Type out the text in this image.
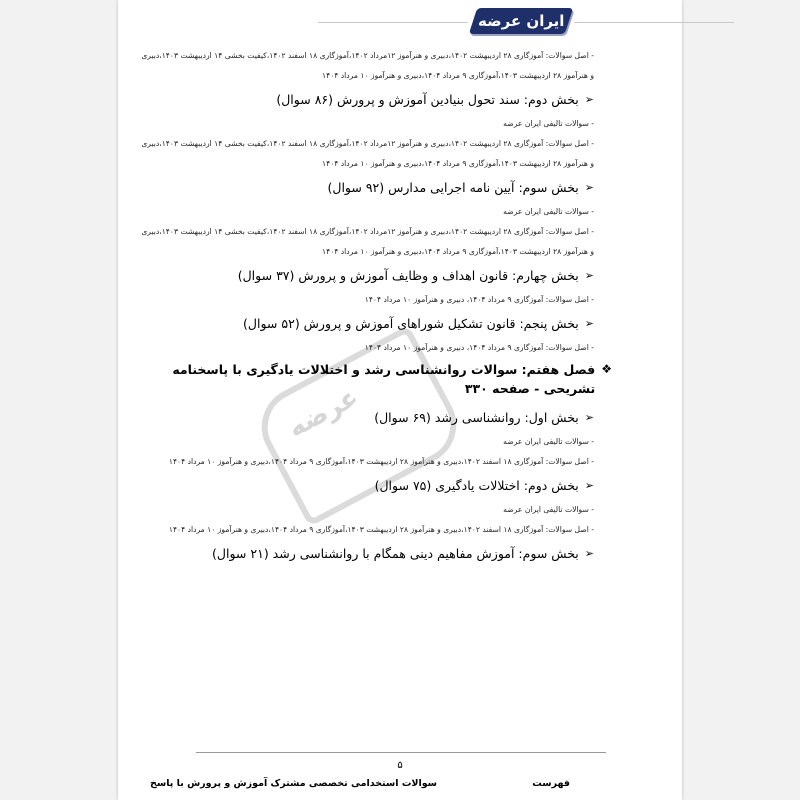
ایران عرضه
عرضه
- اصل سوالات: آموزگاری ۲۸ اردیبهشت ۱۴۰۲،دبیری و هنرآموز ۱۲مرداد ۱۴۰۲،آموزگاری ۱۸ اسفند ۱۴۰۲،کیفیت بخشی ۱۴ اردیبهشت ۱۴۰۳،دبیری
و هنرآموز ۲۸ اردیبهشت ۱۴۰۳،آموزگاری ۹ مرداد ۱۴۰۴،دبیری و هنرآموز ۱۰ مرداد ۱۴۰۴
➢
بخش دوم: سند تحول بنیادین آموزش و پرورش (۸۶ سوال)
- سوالات تالیفی ایران عرضه
- اصل سوالات: آموزگاری ۲۸ اردیبهشت ۱۴۰۲،دبیری و هنرآموز ۱۲مرداد ۱۴۰۲،آموزگاری ۱۸ اسفند ۱۴۰۲،کیفیت بخشی ۱۴ اردیبهشت ۱۴۰۳،دبیری
و هنرآموز ۲۸ اردیبهشت ۱۴۰۳،آموزگاری ۹ مرداد ۱۴۰۴،دبیری و هنرآموز ۱۰ مرداد ۱۴۰۴
➢
بخش سوم: آیین نامه اجرایی مدارس (۹۲ سوال)
- سوالات تالیفی ایران عرضه
- اصل سوالات: آموزگاری ۲۸ اردیبهشت ۱۴۰۲،دبیری و هنرآموز ۱۲مرداد ۱۴۰۲،آموزگاری ۱۸ اسفند ۱۴۰۲،کیفیت بخشی ۱۴ اردیبهشت ۱۴۰۳،دبیری
و هنرآموز ۲۸ اردیبهشت ۱۴۰۳،آموزگاری ۹ مرداد ۱۴۰۴،دبیری و هنرآموز ۱۰ مرداد ۱۴۰۴
➢
بخش چهارم: قانون اهداف و وظایف آموزش و پرورش (۳۷ سوال)
- اصل سوالات: آموزگاری ۹ مرداد ۱۴۰۴، دبیری و هنرآموز ۱۰ مرداد ۱۴۰۴
➢
بخش پنجم: قانون تشکیل شوراهای آموزش و پرورش (۵۲ سوال)
- اصل سوالات: آموزگاری ۹ مرداد ۱۴۰۴، دبیری و هنرآموز ۱۰ مرداد ۱۴۰۴
❖
فصل هفتم: سوالات روانشناسی رشد و اختلالات یادگیری با پاسخنامه تشریحی - صفحه ۳۳۰
➢
بخش اول: روانشناسی رشد (۶۹ سوال)
- سوالات تالیفی ایران عرضه
- اصل سوالات: آموزگاری ۱۸ اسفند ۱۴۰۲،دبیری و هنرآموز ۲۸ اردیبهشت ۱۴۰۳،آموزگاری ۹ مرداد ۱۴۰۴،دبیری و هنرآموز ۱۰ مرداد ۱۴۰۴
➢
بخش دوم: اختلالات یادگیری (۷۵ سوال)
- سوالات تالیفی ایران عرضه
- اصل سوالات: آموزگاری ۱۸ اسفند ۱۴۰۲،دبیری و هنرآموز ۲۸ اردیبهشت ۱۴۰۳،آموزگاری ۹ مرداد ۱۴۰۴،دبیری و هنرآموز ۱۰ مرداد ۱۴۰۴
➢
بخش سوم: آموزش مفاهیم دینی همگام با روانشناسی رشد (۲۱ سوال)
۵
سوالات استخدامی تخصصی مشترک آموزش و پرورش با پاسخ	فهرست
